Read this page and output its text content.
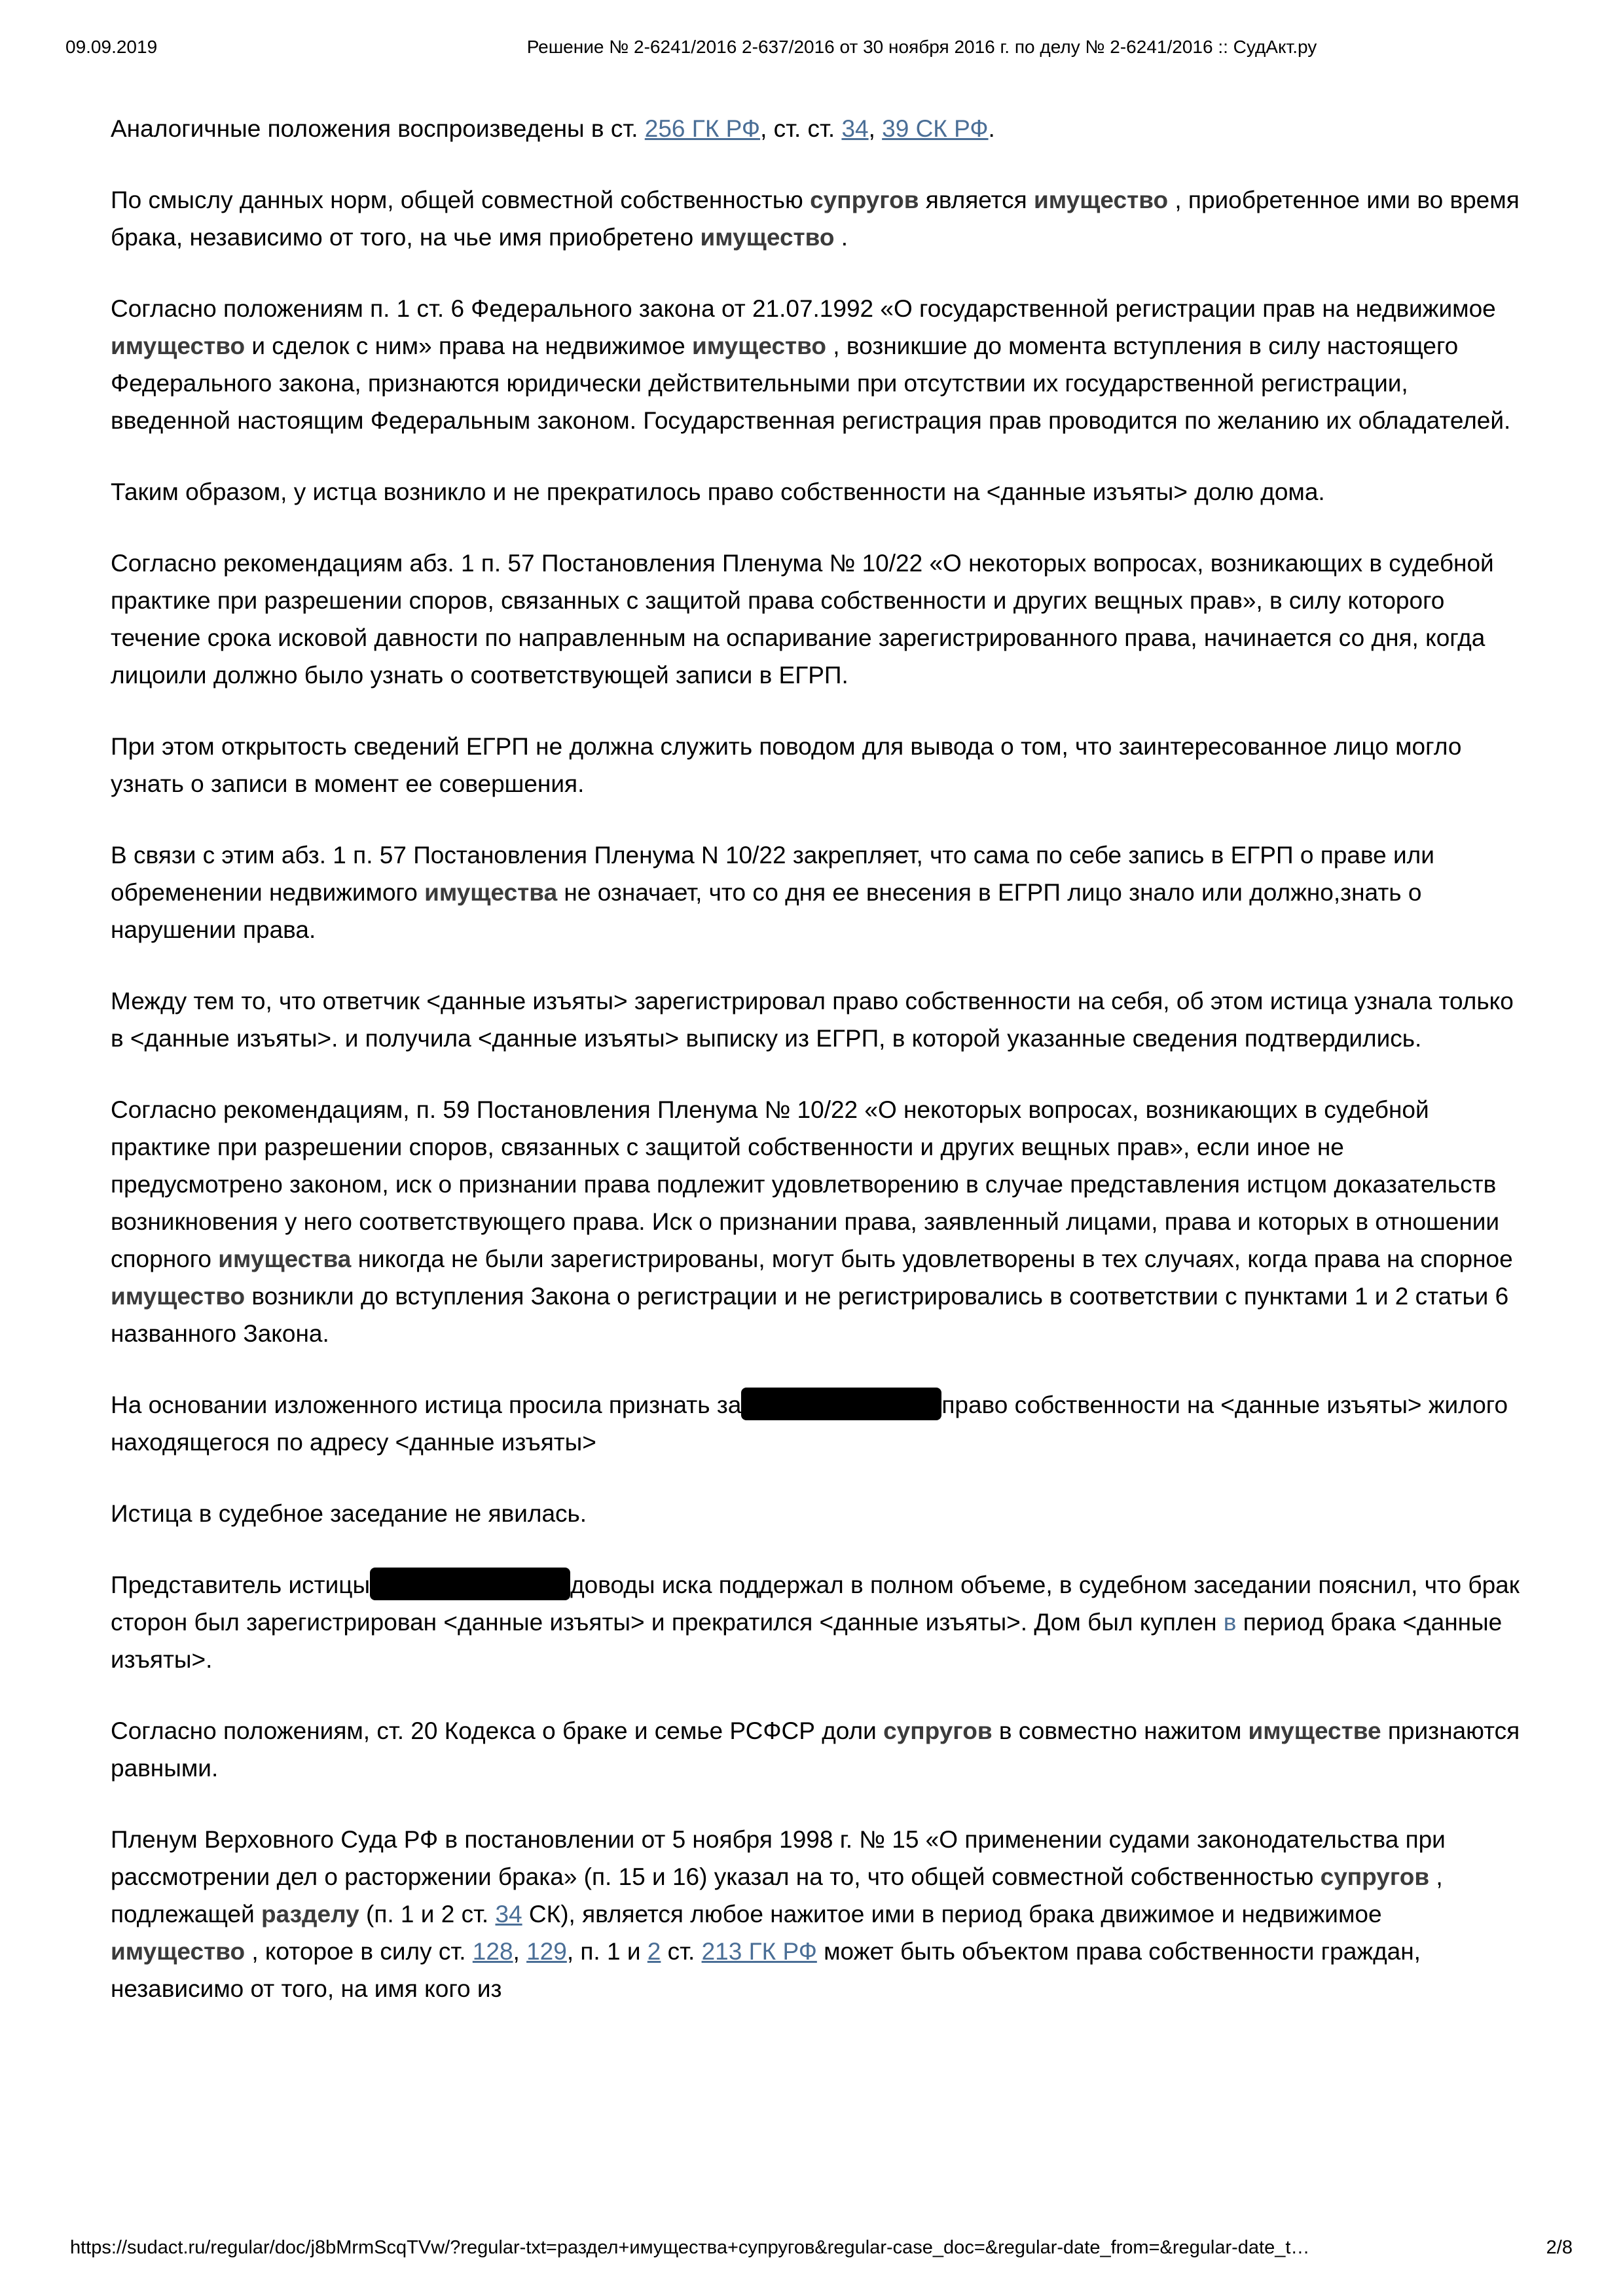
09.09.2019	Решение № 2-6241/2016 2-637/2016 от 30 ноября 2016 г. по делу № 2-6241/2016 :: СудАкт.ру

Аналогичные положения воспроизведены в ст. 256 ГК РФ, ст. ст. 34, 39 СК РФ.

По смыслу данных норм, общей совместной собственностью супругов является имущество , приобретенное ими во время брака, независимо от того, на чье имя приобретено имущество .

Согласно положениям п. 1 ст. 6 Федерального закона от 21.07.1992 «О государственной регистрации прав на недвижимое имущество и сделок с ним» права на недвижимое имущество , возникшие до момента вступления в силу настоящего Федерального закона, признаются юридически действительными при отсутствии их государственной регистрации, введенной настоящим Федеральным законом. Государственная регистрация прав проводится по желанию их обладателей.

Таким образом, у истца возникло и не прекратилось право собственности на <данные изъяты> долю дома.

Согласно рекомендациям абз. 1 п. 57 Постановления Пленума № 10/22 «О некоторых вопросах, возникающих в судебной практике при разрешении споров, связанных с защитой права собственности и других вещных прав», в силу которого течение срока исковой давности по направленным на оспаривание зарегистрированного права, начинается со дня, когда лицоили должно было узнать о соответствующей записи в ЕГРП.

При этом открытость сведений ЕГРП не должна служить поводом для вывода о том, что заинтересованное лицо могло узнать о записи в момент ее совершения.

В связи с этим абз. 1 п. 57 Постановления Пленума N 10/22 закрепляет, что сама по себе запись в ЕГРП о праве или обременении недвижимого имущества не означает, что со дня ее внесения в ЕГРП лицо знало или должно,знать о нарушении права.

Между тем то, что ответчик <данные изъяты> зарегистрировал право собственности на себя, об этом истица узнала только в <данные изъяты>. и получила <данные изъяты> выписку из ЕГРП, в которой указанные сведения подтвердились.

Согласно рекомендациям, п. 59 Постановления Пленума № 10/22 «О некоторых вопросах, возникающих в судебной практике при разрешении споров, связанных с защитой собственности и других вещных прав», если иное не предусмотрено законом, иск о признании права подлежит удовлетворению в случае представления истцом доказательств возникновения у него соответствующего права. Иск о признании права, заявленный лицами, права и которых в отношении спорного имущества никогда не были зарегистрированы, могут быть удовлетворены в тех случаях, когда права на спорное имущество возникли до вступления Закона о регистрации и не регистрировались в соответствии с пунктами 1 и 2 статьи 6 названного Закона.

На основании изложенного истица просила признать за	право собственности на <данные изъяты> жилого находящегося по адресу <данные изъяты>

Истица в судебное заседание не явилась.

Представитель истицы	доводы иска поддержал в полном объеме, в судебном заседании пояснил, что брак сторон был зарегистрирован <данные изъяты> и прекратился <данные изъяты>. Дом был куплен в период брака <данные изъяты>.

Согласно положениям, ст. 20 Кодекса о браке и семье РСФСР доли супругов в совместно нажитом имуществе признаются равными.

Пленум Верховного Суда РФ в постановлении от 5 ноября 1998 г. № 15 «О применении судами законодательства при рассмотрении дел о расторжении брака» (п. 15 и 16) указал на то, что общей совместной собственностью супругов , подлежащей разделу (п. 1 и 2 ст. 34 СК), является любое нажитое ими в период брака движимое и недвижимое имущество , которое в силу ст. 128, 129, п. 1 и 2 ст. 213 ГК РФ может быть объектом права собственности граждан, независимо от того, на имя кого из

https://sudact.ru/regular/doc/j8bMrmScqTVw/?regular-txt=раздел+имущества+супругов&regular-case_doc=&regular-date_from=&regular-date_t…	2/8
